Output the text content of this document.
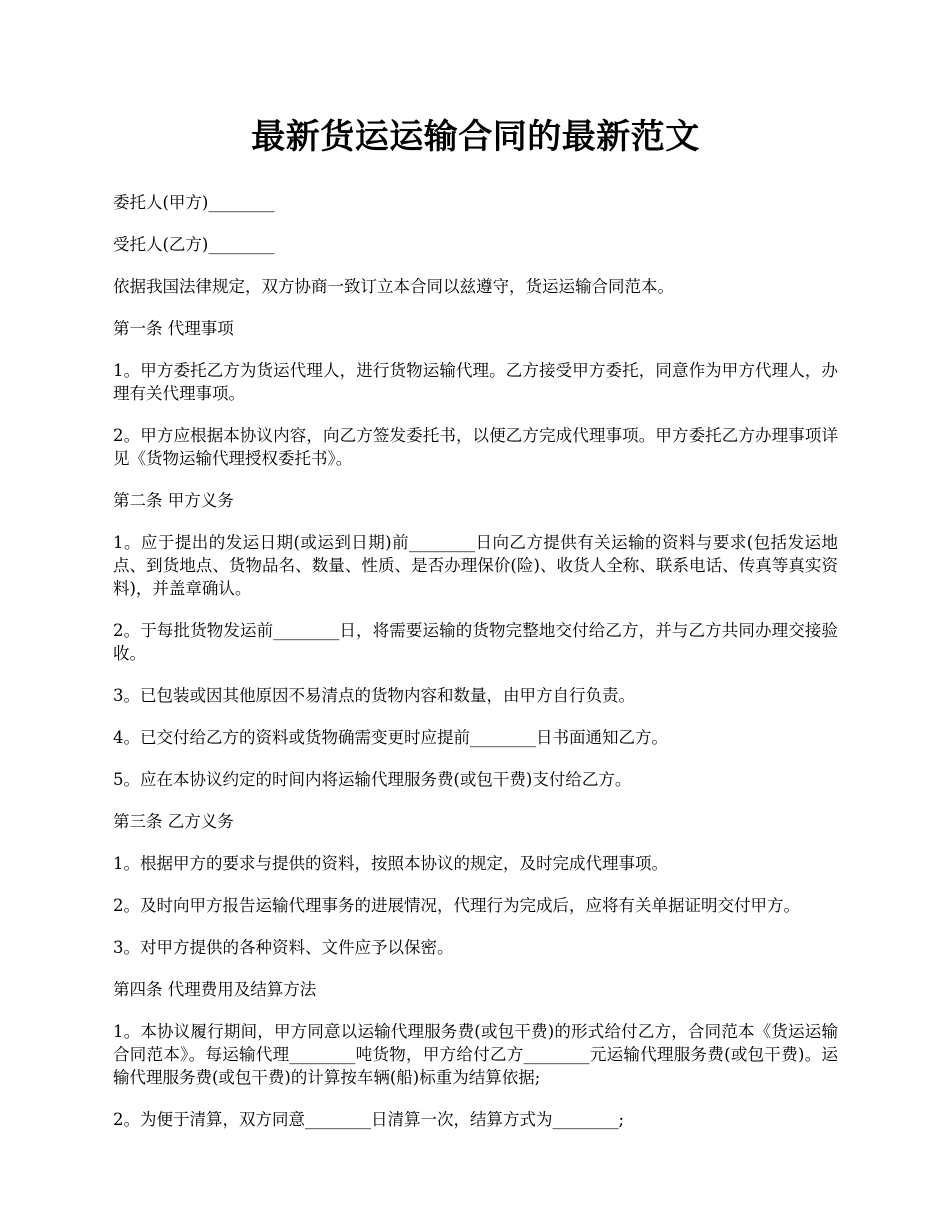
最新货运运输合同的最新范文

委托人(甲方)________

受托人(乙方)________

依据我国法律规定，双方协商一致订立本合同以兹遵守，货运运输合同范本。

第一条 代理事项

1。甲方委托乙方为货运代理人，进行货物运输代理。乙方接受甲方委托，同意作为甲方代理人，办理有关代理事项。

2。甲方应根据本协议内容，向乙方签发委托书，以便乙方完成代理事项。甲方委托乙方办理事项详见《货物运输代理授权委托书》。

第二条 甲方义务

1。应于提出的发运日期(或运到日期)前________日向乙方提供有关运输的资料与要求(包括发运地点、到货地点、货物品名、数量、性质、是否办理保价(险)、收货人全称、联系电话、传真等真实资料)，并盖章确认。

2。于每批货物发运前________日，将需要运输的货物完整地交付给乙方，并与乙方共同办理交接验收。

3。已包装或因其他原因不易清点的货物内容和数量，由甲方自行负责。

4。已交付给乙方的资料或货物确需变更时应提前________日书面通知乙方。

5。应在本协议约定的时间内将运输代理服务费(或包干费)支付给乙方。

第三条 乙方义务

1。根据甲方的要求与提供的资料，按照本协议的规定，及时完成代理事项。

2。及时向甲方报告运输代理事务的进展情况，代理行为完成后，应将有关单据证明交付甲方。

3。对甲方提供的各种资料、文件应予以保密。

第四条 代理费用及结算方法

1。本协议履行期间，甲方同意以运输代理服务费(或包干费)的形式给付乙方，合同范本《货运运输合同范本》。每运输代理________吨货物，甲方给付乙方________元运输代理服务费(或包干费)。运输代理服务费(或包干费)的计算按车辆(船)标重为结算依据;

2。为便于清算，双方同意________日清算一次，结算方式为________;
